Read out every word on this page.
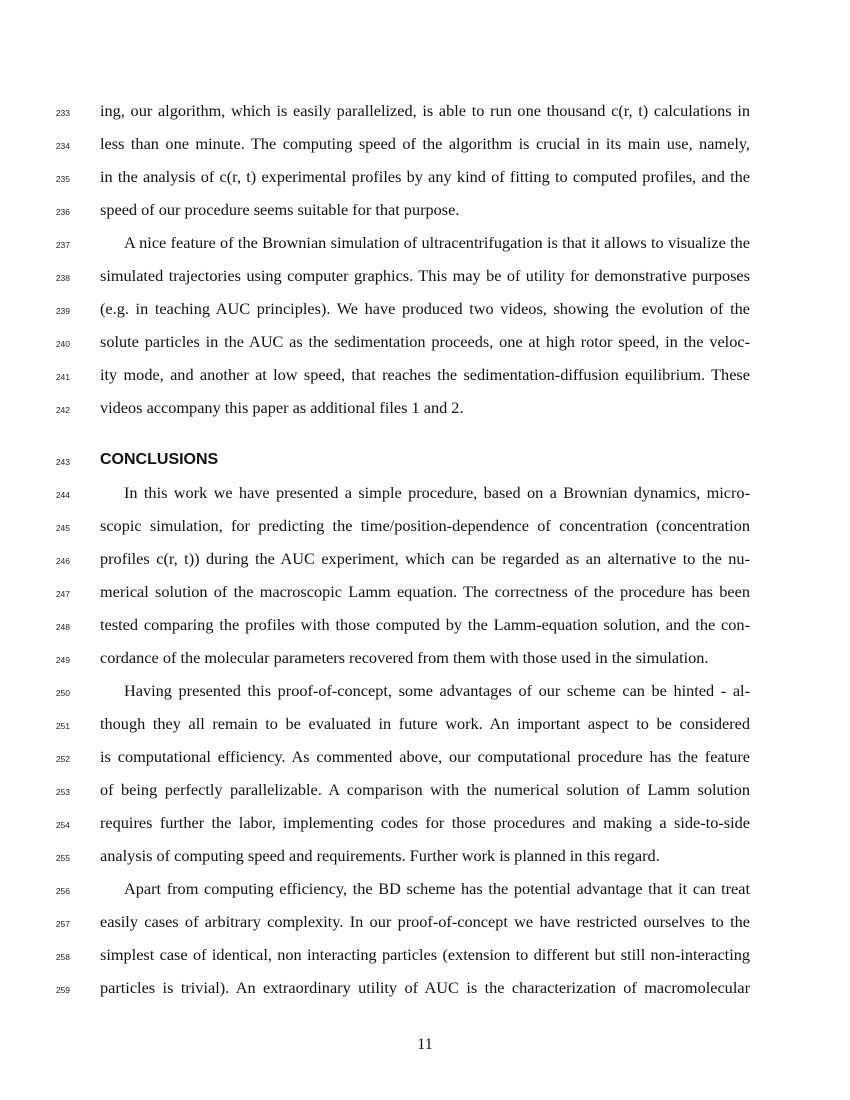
233
234
235
236
237
238
239
240
241
242
243
244
245
246
247
248
249
250
251
252
253
254
255
256
257
258
259
ing, our algorithm, which is easily parallelized, is able to run one thousand c(r, t) calculations in
less than one minute. The computing speed of the algorithm is crucial in its main use, namely,
in the analysis of c(r, t) experimental profiles by any kind of fitting to computed profiles, and the
speed of our procedure seems suitable for that purpose.
A nice feature of the Brownian simulation of ultracentrifugation is that it allows to visualize the
simulated trajectories using computer graphics. This may be of utility for demonstrative purposes
(e.g. in teaching AUC principles). We have produced two videos, showing the evolution of the
solute particles in the AUC as the sedimentation proceeds, one at high rotor speed, in the veloc-
ity mode, and another at low speed, that reaches the sedimentation-diffusion equilibrium. These
videos accompany this paper as additional files 1 and 2.
CONCLUSIONS
In this work we have presented a simple procedure, based on a Brownian dynamics, micro-
scopic simulation, for predicting the time/position-dependence of concentration (concentration
profiles c(r, t)) during the AUC experiment, which can be regarded as an alternative to the nu-
merical solution of the macroscopic Lamm equation. The correctness of the procedure has been
tested comparing the profiles with those computed by the Lamm-equation solution, and the con-
cordance of the molecular parameters recovered from them with those used in the simulation.
Having presented this proof-of-concept, some advantages of our scheme can be hinted - al-
though they all remain to be evaluated in future work. An important aspect to be considered
is computational efficiency. As commented above, our computational procedure has the feature
of being perfectly parallelizable. A comparison with the numerical solution of Lamm solution
requires further the labor, implementing codes for those procedures and making a side-to-side
analysis of computing speed and requirements. Further work is planned in this regard.
Apart from computing efficiency, the BD scheme has the potential advantage that it can treat
easily cases of arbitrary complexity. In our proof-of-concept we have restricted ourselves to the
simplest case of identical, non interacting particles (extension to different but still non-interacting
particles is trivial). An extraordinary utility of AUC is the characterization of macromolecular
11
